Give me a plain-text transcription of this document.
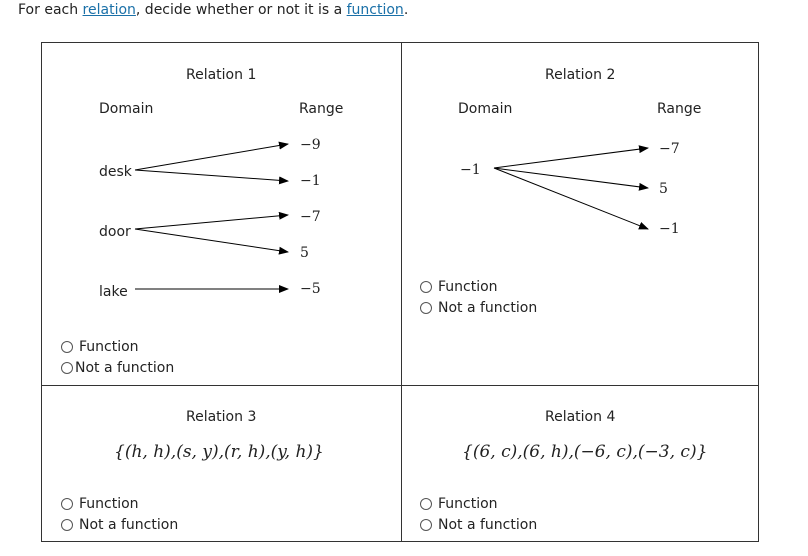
For each relation, decide whether or not it is a function.
Relation 1
Domain	Range
desk
door
lake
−9
−1
−7
5
−5
Function
Not a function
Relation 2
Domain	Range
−1
−7
5
−1
Function
Not a function
Relation 3
{(h, h),(s, y),(r, h),(y, h)}
Function
Not a function
Relation 4
{(6, c),(6, h),(−6, c),(−3, c)}
Function
Not a function
